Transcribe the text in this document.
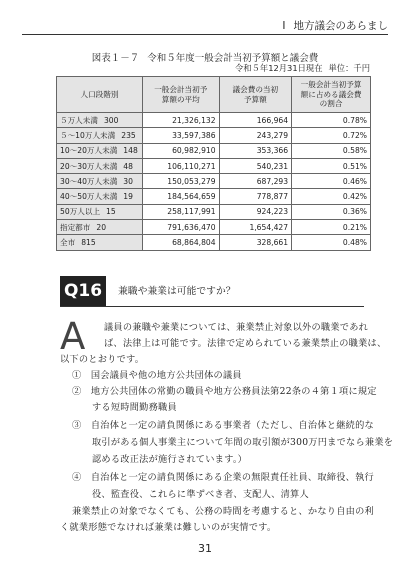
Ⅰ 地方議会のあらまし
図表１－７ 令和５年度一般会計当初予算額と議会費
令和５年12月31日現在 単位：千円
人口段階別	一般会計当初予算額の平均	議会費の当初予算額	一般会計当初予算額に占める議会費の割合
５万人未満 300	21,326,132	166,964	0.78%
５～10万人未満 235	33,597,386	243,279	0.72%
10～20万人未満 148	60,982,910	353,366	0.58%
20～30万人未満 48	106,110,271	540,231	0.51%
30～40万人未満 30	150,053,279	687,293	0.46%
40～50万人未満 19	184,564,659	778,877	0.42%
50万人以上 15	258,117,991	924,223	0.36%
指定都市 20	791,636,470	1,654,427	0.21%
全市 815	68,864,804	328,661	0.48%
Q16	兼職や兼業は可能ですか？
A 議員の兼職や兼業については、兼業禁止対象以外の職業であれ
ば、法律上は可能です。法律で定められている兼業禁止の職業は、
以下のとおりです。
①　国会議員や他の地方公共団体の議員
②　地方公共団体の常勤の職員や地方公務員法第22条の４第１項に規定
する短時間勤務職員
③　自治体と一定の請負関係にある事業者（ただし、自治体と継続的な
取引がある個人事業主について年間の取引額が300万円までなら兼業を
認める改正法が施行されています。）
④　自治体と一定の請負関係にある企業の無限責任社員、取締役、執行
役、監査役、これらに準ずべき者、支配人、清算人
兼業禁止の対象でなくても、公務の時間を考慮すると、かなり自由の利
く就業形態でなければ兼業は難しいのが実情です。
31
